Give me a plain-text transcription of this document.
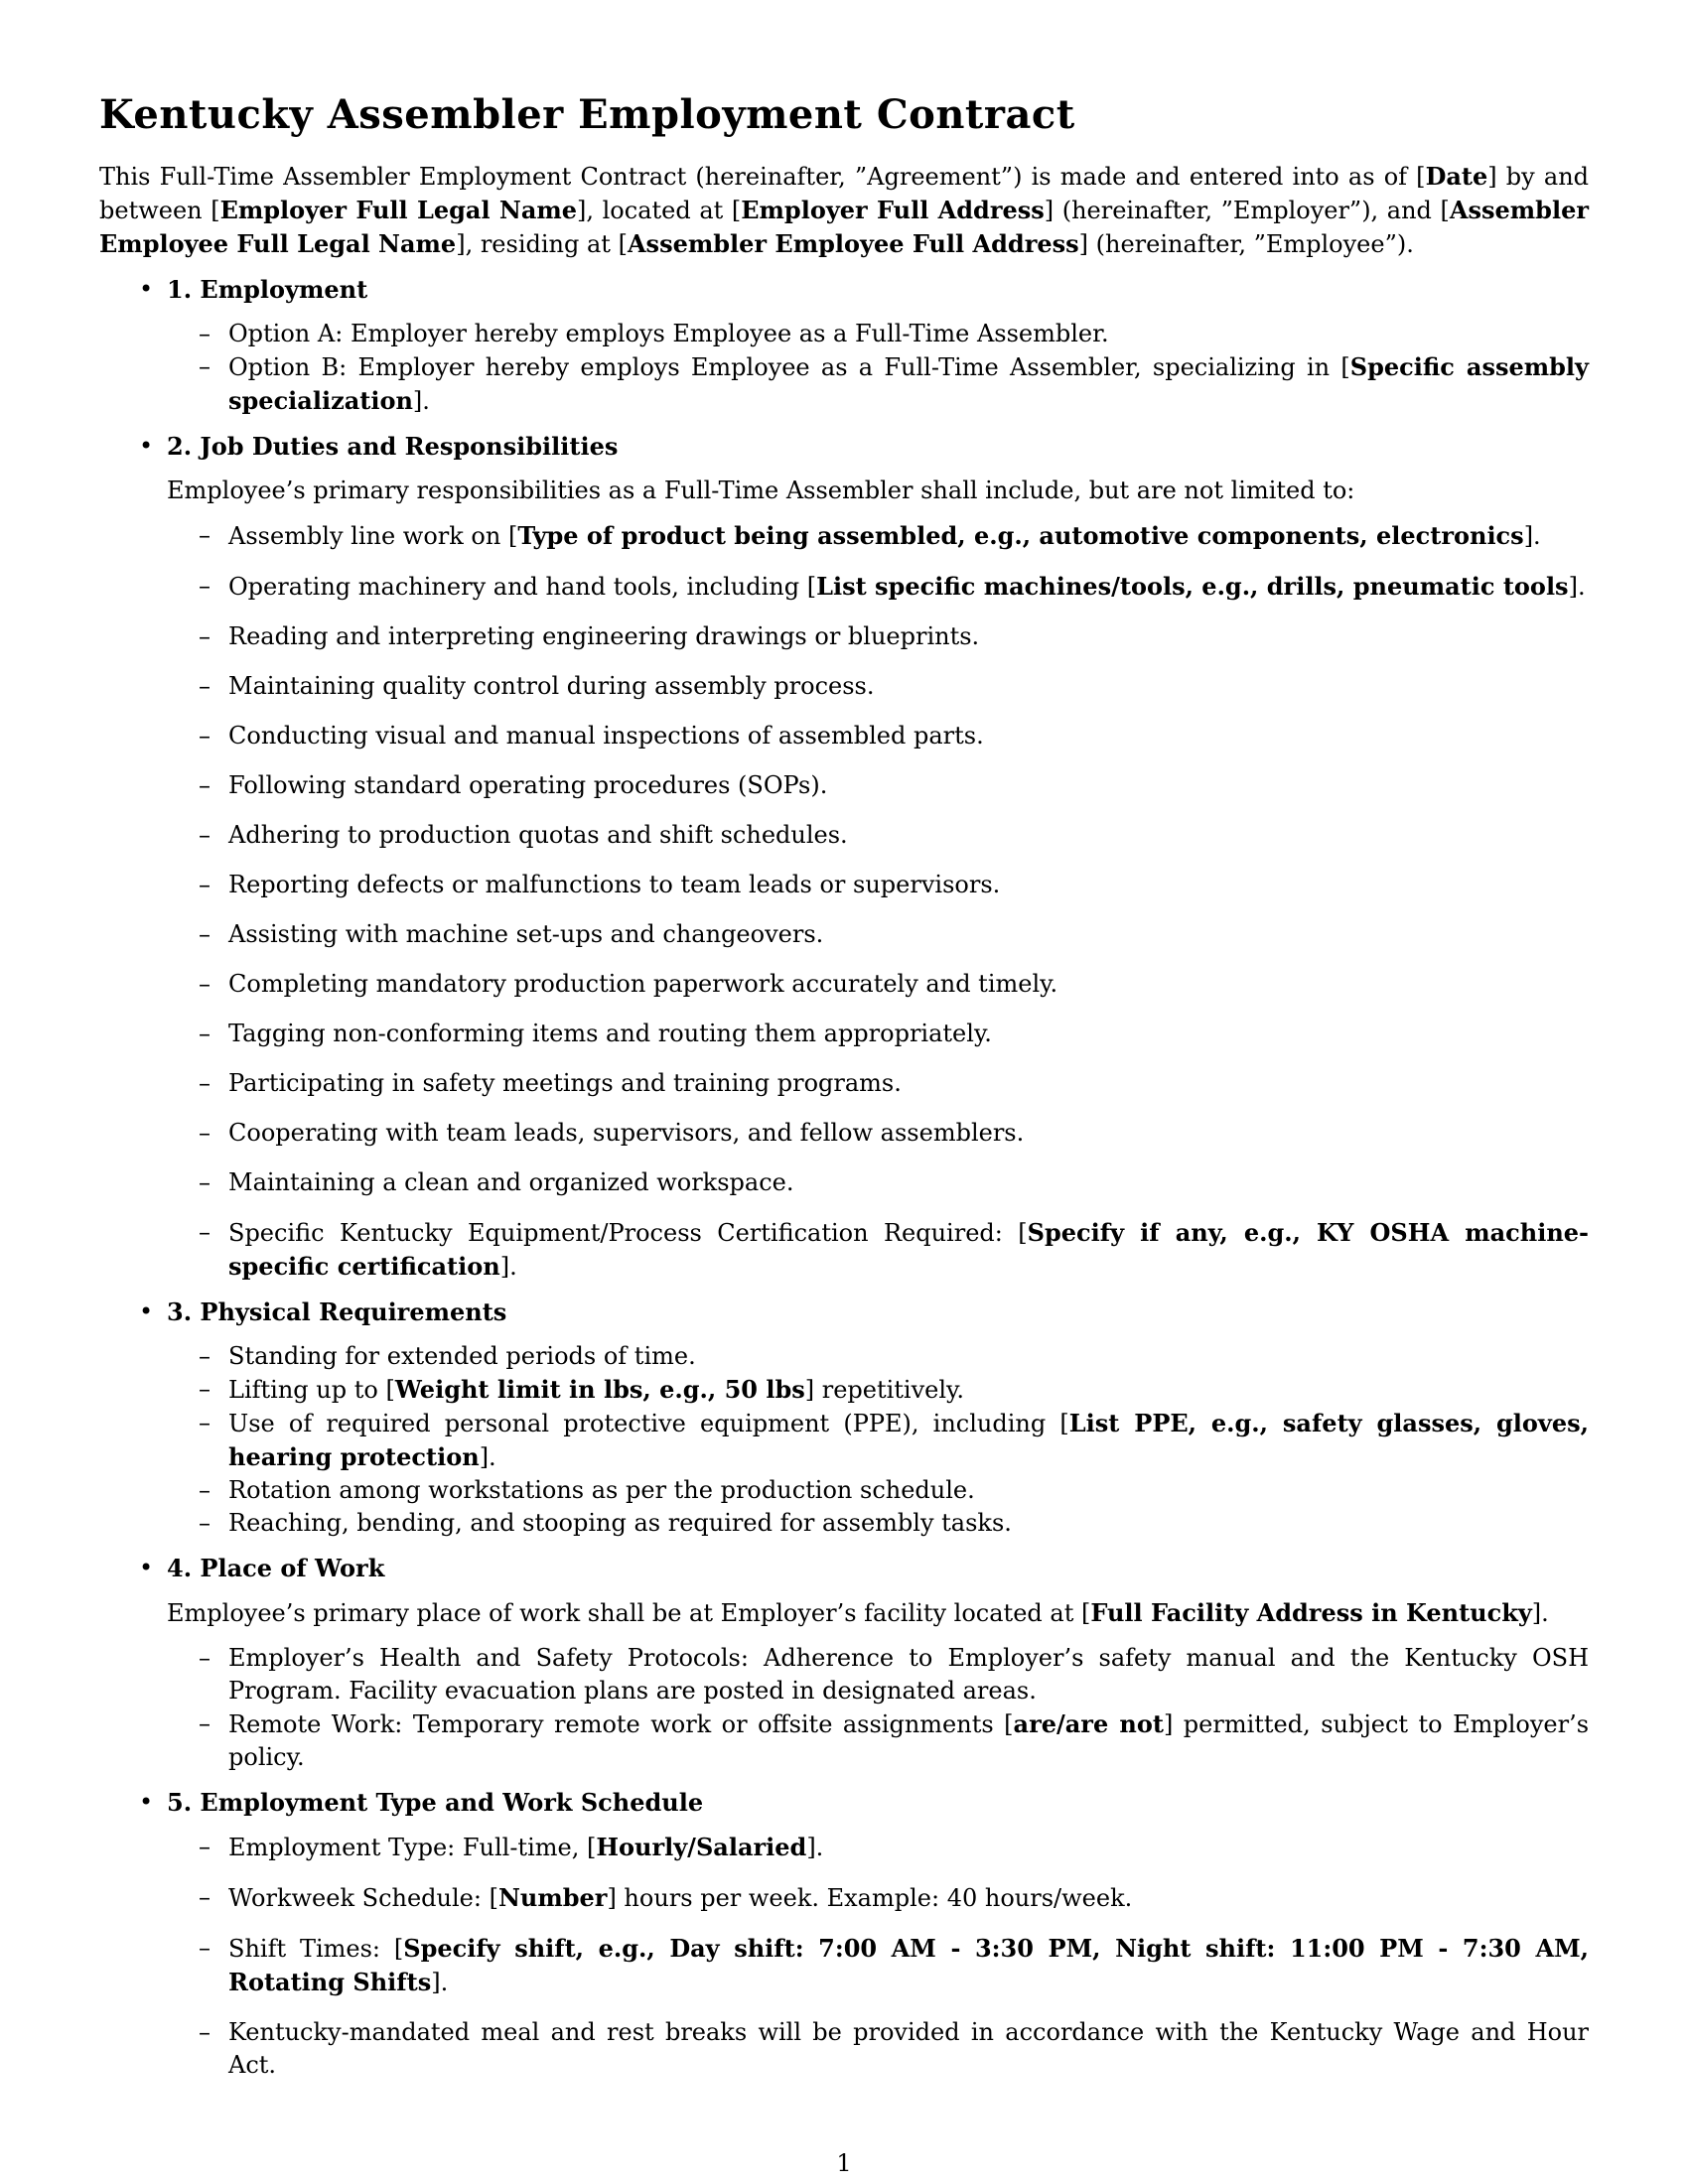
Kentucky Assembler Employment Contract

This Full-Time Assembler Employment Contract (hereinafter, ”Agreement”) is made and entered into as of [Date] by and between [Employer Full Legal Name], located at [Employer Full Address] (hereinafter, ”Employer”), and [Assembler Employee Full Legal Name], residing at [Assembler Employee Full Address] (hereinafter, ”Employee”).

• 1. Employment
– Option A: Employer hereby employs Employee as a Full-Time Assembler.
– Option B: Employer hereby employs Employee as a Full-Time Assembler, specializing in [Specific assembly specialization].
• 2. Job Duties and Responsibilities
Employee’s primary responsibilities as a Full-Time Assembler shall include, but are not limited to:
– Assembly line work on [Type of product being assembled, e.g., automotive components, electronics].
– Operating machinery and hand tools, including [List specific machines/tools, e.g., drills, pneumatic tools].
– Reading and interpreting engineering drawings or blueprints.
– Maintaining quality control during assembly process.
– Conducting visual and manual inspections of assembled parts.
– Following standard operating procedures (SOPs).
– Adhering to production quotas and shift schedules.
– Reporting defects or malfunctions to team leads or supervisors.
– Assisting with machine set-ups and changeovers.
– Completing mandatory production paperwork accurately and timely.
– Tagging non-conforming items and routing them appropriately.
– Participating in safety meetings and training programs.
– Cooperating with team leads, supervisors, and fellow assemblers.
– Maintaining a clean and organized workspace.
– Specific Kentucky Equipment/Process Certification Required: [Specify if any, e.g., KY OSHA machine-specific certification].
• 3. Physical Requirements
– Standing for extended periods of time.
– Lifting up to [Weight limit in lbs, e.g., 50 lbs] repetitively.
– Use of required personal protective equipment (PPE), including [List PPE, e.g., safety glasses, gloves, hearing protection].
– Rotation among workstations as per the production schedule.
– Reaching, bending, and stooping as required for assembly tasks.
• 4. Place of Work
Employee’s primary place of work shall be at Employer’s facility located at [Full Facility Address in Kentucky].
– Employer’s Health and Safety Protocols: Adherence to Employer’s safety manual and the Kentucky OSH Program. Facility evacuation plans are posted in designated areas.
– Remote Work: Temporary remote work or offsite assignments [are/are not] permitted, subject to Employer’s policy.
• 5. Employment Type and Work Schedule
– Employment Type: Full-time, [Hourly/Salaried].
– Workweek Schedule: [Number] hours per week. Example: 40 hours/week.
– Shift Times: [Specify shift, e.g., Day shift: 7:00 AM - 3:30 PM, Night shift: 11:00 PM - 7:30 AM, Rotating Shifts].
– Kentucky-mandated meal and rest breaks will be provided in accordance with the Kentucky Wage and Hour Act.
1
